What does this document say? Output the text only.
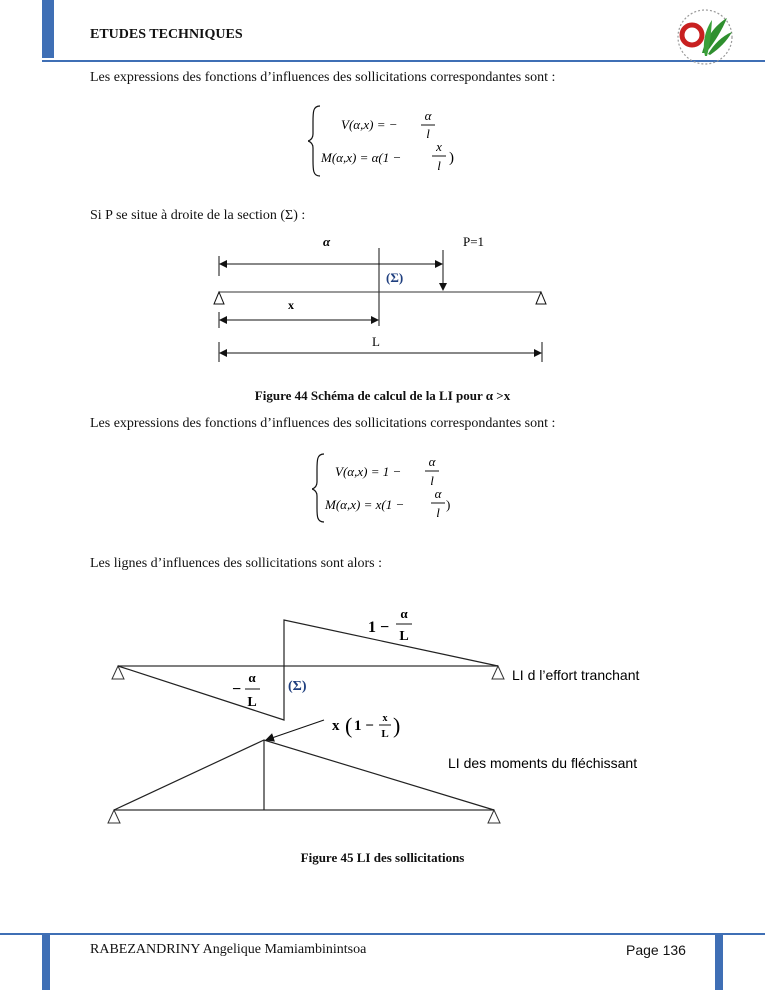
ETUDES TECHNIQUES
Les expressions des fonctions d’influences des sollicitations correspondantes sont :
V(α,x) = −
α
l
M(α,x) = α(1 −
x
l )
Si P se situe à droite de la section (Σ) :
α	P=1
(Σ)
x
L
Figure 44 Schéma de calcul de la LI pour α >x
Les expressions des fonctions d’influences des sollicitations correspondantes sont :
V(α,x) = 1 −
α
l
M(α,x) = x(1 −
α
l
)
Les lignes d’influences des sollicitations sont alors :
1 −
α
L
−
α
L
(Σ)
LI d l’effort tranchant
x ( 1 − x
L )
LI des moments du fléchissant
Figure 45 LI des sollicitations
RABEZANDRINY Angelique Mamiambinintsoa	Page 136
